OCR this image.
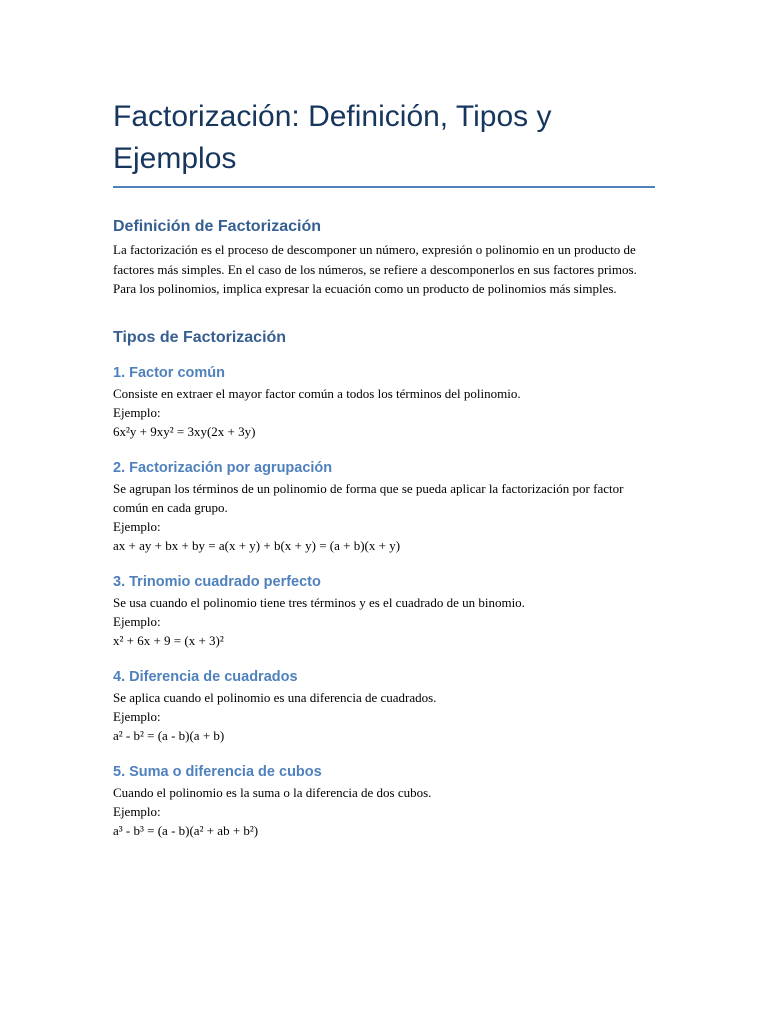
Factorización: Definición, Tipos y Ejemplos
Definición de Factorización

La factorización es el proceso de descomponer un número, expresión o polinomio en un producto de factores más simples. En el caso de los números, se refiere a descomponerlos en sus factores primos. Para los polinomios, implica expresar la ecuación como un producto de polinomios más simples.

Tipos de Factorización
1. Factor común

Consiste en extraer el mayor factor común a todos los términos del polinomio.

Ejemplo:

6x²y + 9xy² = 3xy(2x + 3y)

2. Factorización por agrupación

Se agrupan los términos de un polinomio de forma que se pueda aplicar la factorización por factor común en cada grupo.

Ejemplo:

ax + ay + bx + by = a(x + y) + b(x + y) = (a + b)(x + y)

3. Trinomio cuadrado perfecto

Se usa cuando el polinomio tiene tres términos y es el cuadrado de un binomio.

Ejemplo:

x² + 6x + 9 = (x + 3)²

4. Diferencia de cuadrados

Se aplica cuando el polinomio es una diferencia de cuadrados.

Ejemplo:

a² - b² = (a - b)(a + b)

5. Suma o diferencia de cubos

Cuando el polinomio es la suma o la diferencia de dos cubos.

Ejemplo:

a³ - b³ = (a - b)(a² + ab + b²)
